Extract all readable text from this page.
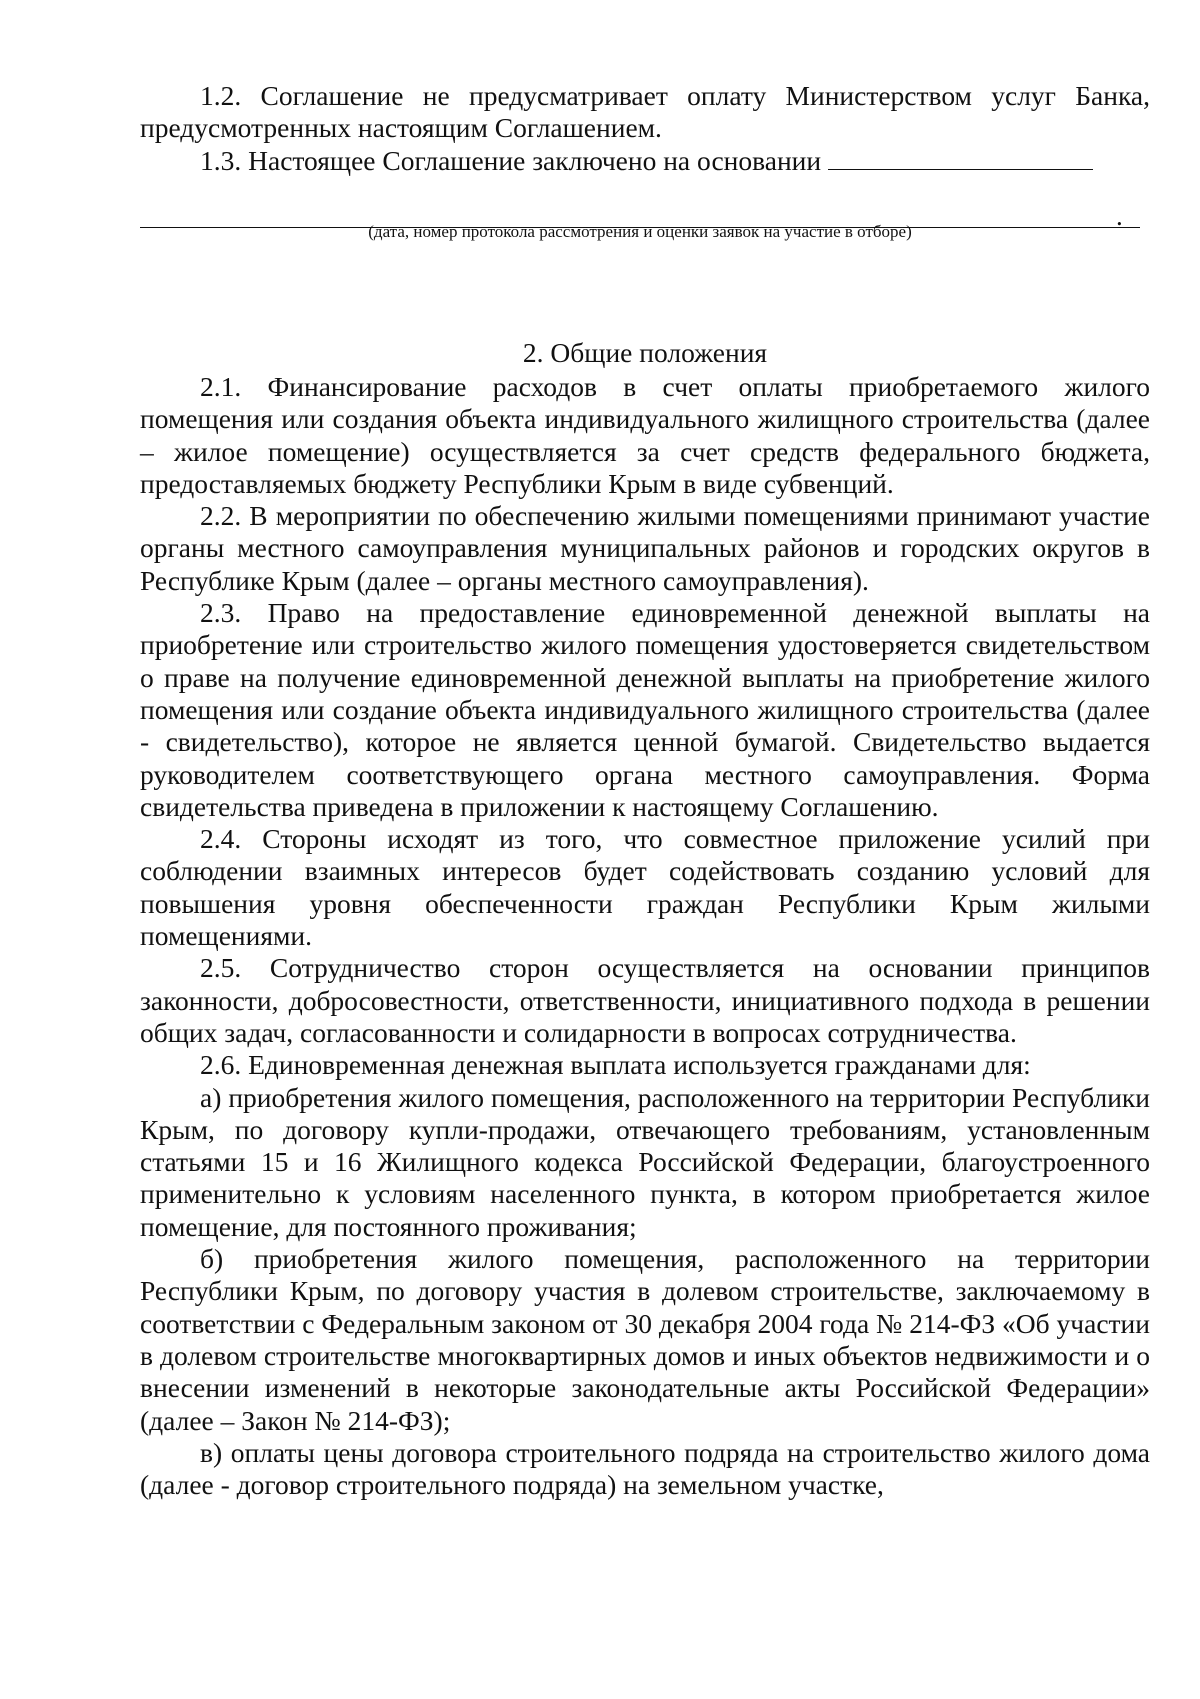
1.2. Соглашение не предусматривает оплату Министерством услуг Банка, предусмотренных настоящим Соглашением.

1.3. Настоящее Соглашение заключено на основании

.
(дата, номер протокола рассмотрения и оценки заявок на участие в отборе)
2. Общие положения

2.1. Финансирование расходов в счет оплаты приобретаемого жилого помещения или создания объекта индивидуального жилищного строительства (далее – жилое помещение) осуществляется за счет средств федерального бюджета, предоставляемых бюджету Республики Крым в виде субвенций.

2.2. В мероприятии по обеспечению жилыми помещениями принимают участие органы местного самоуправления муниципальных районов и городских округов в Республике Крым (далее – органы местного самоуправления).

2.3. Право на предоставление единовременной денежной выплаты на приобретение или строительство жилого помещения удостоверяется свидетельством о праве на получение единовременной денежной выплаты на приобретение жилого помещения или создание объекта индивидуального жилищного строительства (далее - свидетельство), которое не является ценной бумагой. Свидетельство выдается руководителем соответствующего органа местного самоуправления. Форма свидетельства приведена в приложении к настоящему Соглашению.

2.4. Стороны исходят из того, что совместное приложение усилий при соблюдении взаимных интересов будет содействовать созданию условий для повышения уровня обеспеченности граждан Республики Крым жилыми помещениями.

2.5. Сотрудничество сторон осуществляется на основании принципов законности, добросовестности, ответственности, инициативного подхода в решении общих задач, согласованности и солидарности в вопросах сотрудничества.

2.6. Единовременная денежная выплата используется гражданами для:

а) приобретения жилого помещения, расположенного на территории Республики Крым, по договору купли-продажи, отвечающего требованиям, установленным статьями 15 и 16 Жилищного кодекса Российской Федерации, благоустроенного применительно к условиям населенного пункта, в котором приобретается жилое помещение, для постоянного проживания;

б) приобретения жилого помещения, расположенного на территории Республики Крым, по договору участия в долевом строительстве, заключаемому в соответствии с Федеральным законом от 30 декабря 2004 года № 214-ФЗ «Об участии в долевом строительстве многоквартирных домов и иных объектов недвижимости и о внесении изменений в некоторые законодательные акты Российской Федерации» (далее – Закон № 214-ФЗ);

в) оплаты цены договора строительного подряда на строительство жилого дома (далее - договор строительного подряда) на земельном участке,
